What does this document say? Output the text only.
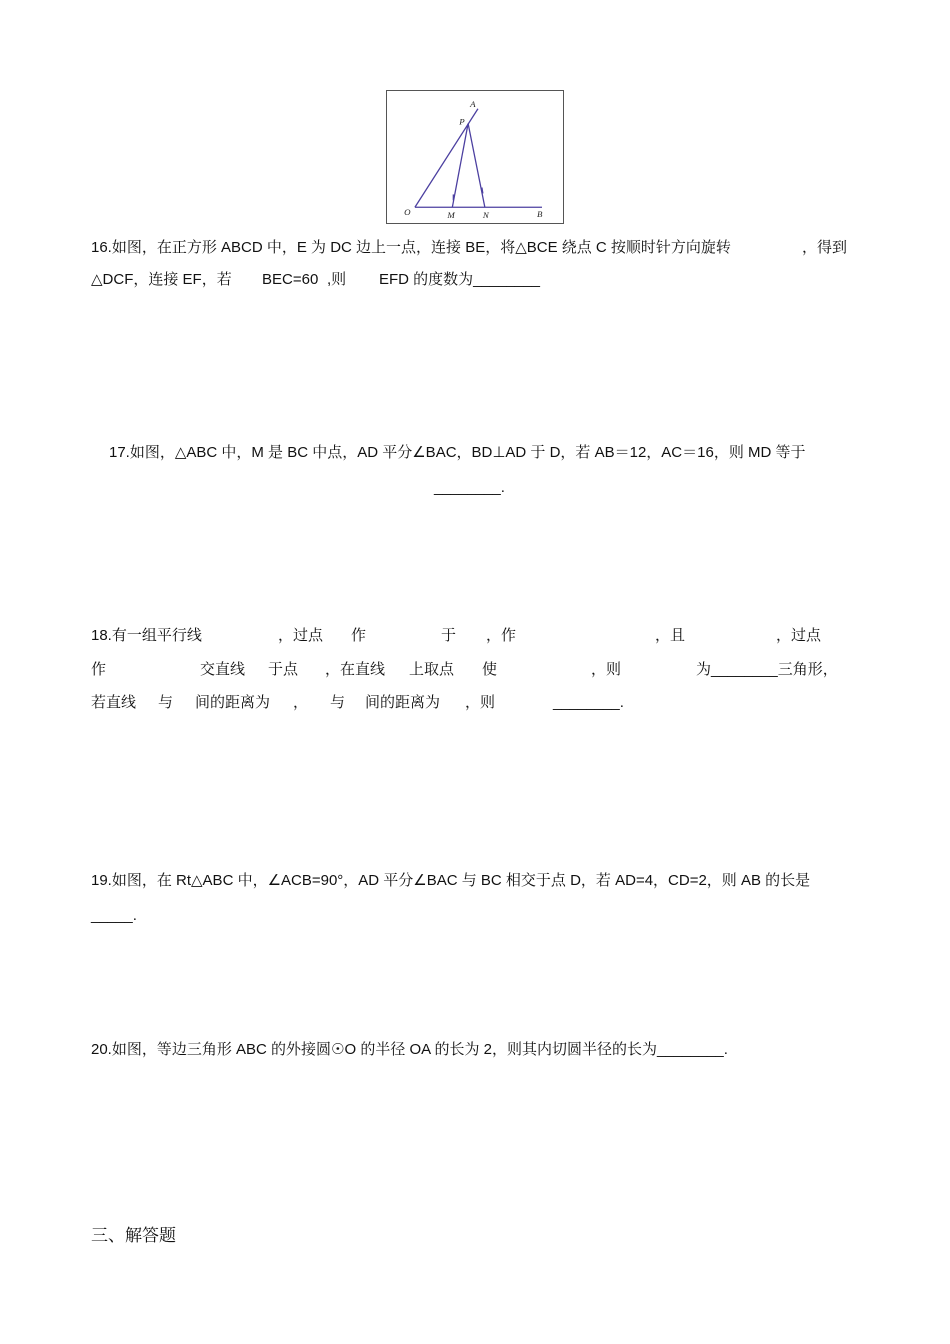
A
P
O	M	N	B
16.如图，在正方形 ABCD 中，E 为 DC 边上一点，连接 BE，将△BCE 绕点 C 按顺时针方向旋转	，得到
△DCF，连接 EF，若 BEC=60 ,则 EFD 的度数为________
17.如图，△ABC 中，M 是 BC 中点，AD 平分∠BAC，BD⊥AD 于 D，若 AB＝12，AC＝16，则 MD 等于
________.
18.有一组平行线	，过点 作	于 ，作	，且	，过点
作	交直线 于点 ，在直线 上取点 使	，则	为________三角形，
若直线 与 间的距离为 ， 与 间的距离为 ，则	________.
19.如图，在 Rt△ABC 中，∠ACB=90°，AD 平分∠BAC 与 BC 相交于点 D，若 AD=4，CD=2，则 AB 的长是
_____.
20.如图，等边三角形 ABC 的外接圆☉O 的半径 OA 的长为 2，则其内切圆半径的长为________.
三、解答题
